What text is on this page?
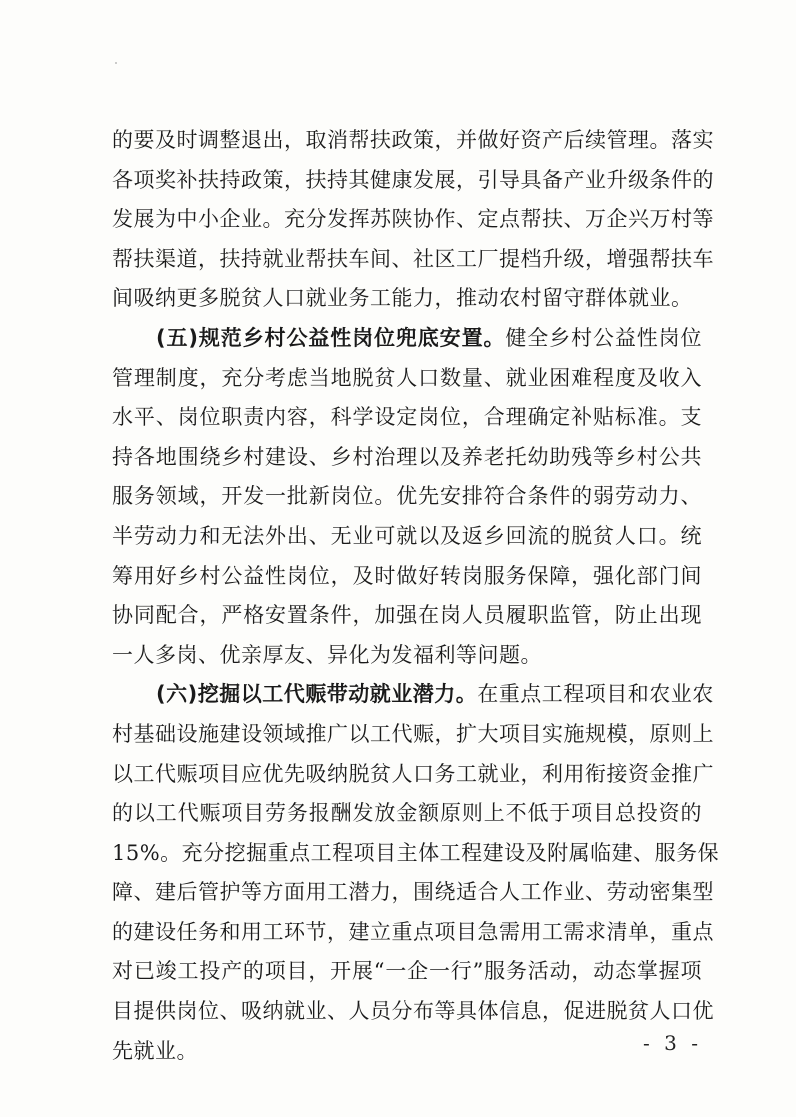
的要及时调整退出，取消帮扶政策，并做好资产后续管理。落实
各项奖补扶持政策，扶持其健康发展，引导具备产业升级条件的
发展为中小企业。充分发挥苏陕协作、定点帮扶、万企兴万村等
帮扶渠道，扶持就业帮扶车间、社区工厂提档升级，增强帮扶车
间吸纳更多脱贫人口就业务工能力，推动农村留守群体就业。
(五)规范乡村公益性岗位兜底安置。健全乡村公益性岗位
管理制度，充分考虑当地脱贫人口数量、就业困难程度及收入
水平、岗位职责内容，科学设定岗位，合理确定补贴标准。支
持各地围绕乡村建设、乡村治理以及养老托幼助残等乡村公共
服务领域，开发一批新岗位。优先安排符合条件的弱劳动力、
半劳动力和无法外出、无业可就以及返乡回流的脱贫人口。统
筹用好乡村公益性岗位，及时做好转岗服务保障，强化部门间
协同配合，严格安置条件，加强在岗人员履职监管，防止出现
一人多岗、优亲厚友、异化为发福利等问题。
(六)挖掘以工代赈带动就业潜力。在重点工程项目和农业农
村基础设施建设领域推广以工代赈，扩大项目实施规模，原则上
以工代赈项目应优先吸纳脱贫人口务工就业，利用衔接资金推广
的以工代赈项目劳务报酬发放金额原则上不低于项目总投资的
15%。充分挖掘重点工程项目主体工程建设及附属临建、服务保
障、建后管护等方面用工潜力，围绕适合人工作业、劳动密集型
的建设任务和用工环节，建立重点项目急需用工需求清单，重点
对已竣工投产的项目，开展“一企一行”服务活动，动态掌握项
目提供岗位、吸纳就业、人员分布等具体信息，促进脱贫人口优
先就业。	- 3 -
